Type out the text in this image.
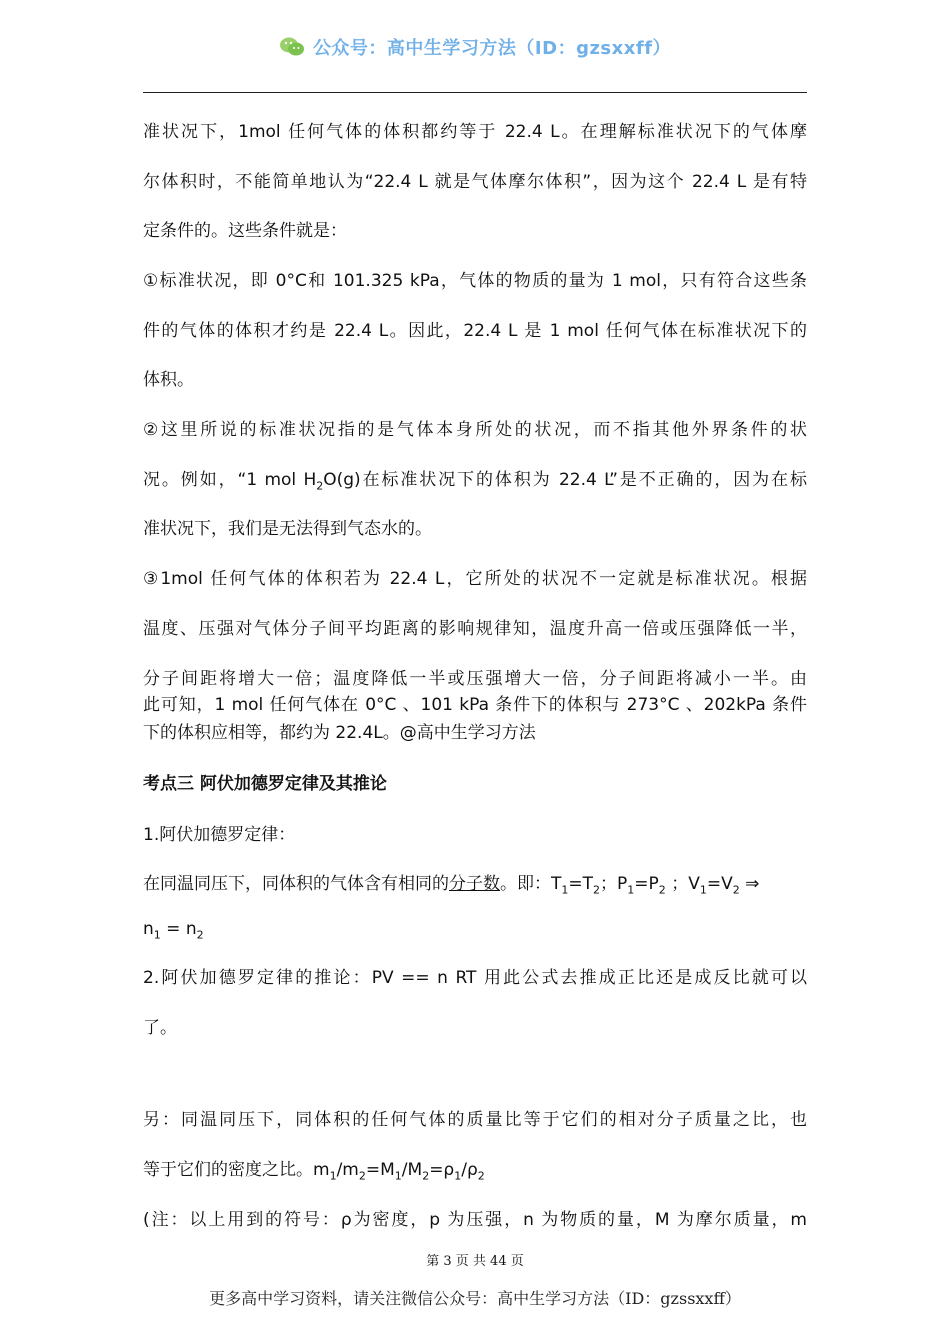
公众号：高中生学习方法（ID：gzsxxff）
准状况下，1mol 任何气体的体积都约等于 22.4 L。在理解标准状况下的气体摩
尔体积时，不能简单地认为“22.4 L 就是气体摩尔体积”，因为这个 22.4 L 是有特
定条件的。这些条件就是：
①标准状况，即 0°C和 101.325 kPa，气体的物质的量为 1 mol，只有符合这些条
件的气体的体积才约是 22.4 L。因此，22.4 L 是 1 mol 任何气体在标准状况下的
体积。
②这里所说的标准状况指的是气体本身所处的状况，而不指其他外界条件的状
况。例如，“1 mol $H_2O(g)$在标准状况下的体积为 22.4 L”是不正确的，因为在标
准状况下，我们是无法得到气态水的。
③1mol 任何气体的体积若为 22.4 L，它所处的状况不一定就是标准状况。根据
温度、压强对气体分子间平均距离的影响规律知，温度升高一倍或压强降低一半，
分子间距将增大一倍；温度降低一半或压强增大一倍，分子间距将减小一半。由
此可知，1 mol 任何气体在 0°C 、101 kPa 条件下的体积与 273°C 、202kPa 条件
下的体积应相等，都约为 22.4L。@高中生学习方法
考点三 阿伏加德罗定律及其推论
1.阿伏加德罗定律：
在同温同压下，同体积的气体含有相同的分子数。即：$T_1=T_2$；$P_1=P_2$ ；$V_1=V_2$ ⇒
$n_1 = n_2$
2.阿伏加德罗定律的推论：PV == n RT 用此公式去推成正比还是成反比就可以
了。
另：同温同压下，同体积的任何气体的质量比等于它们的相对分子质量之比，也
等于它们的密度之比。$m_1/m_2=M_1/M_2=\rho_1/\rho_2$
(注：以上用到的符号：ρ为密度，p 为压强，n 为物质的量，M 为摩尔质量，m
第 3 页 共 44 页
更多高中学习资料，请关注微信公众号：高中生学习方法（ID：gzssxxff）
